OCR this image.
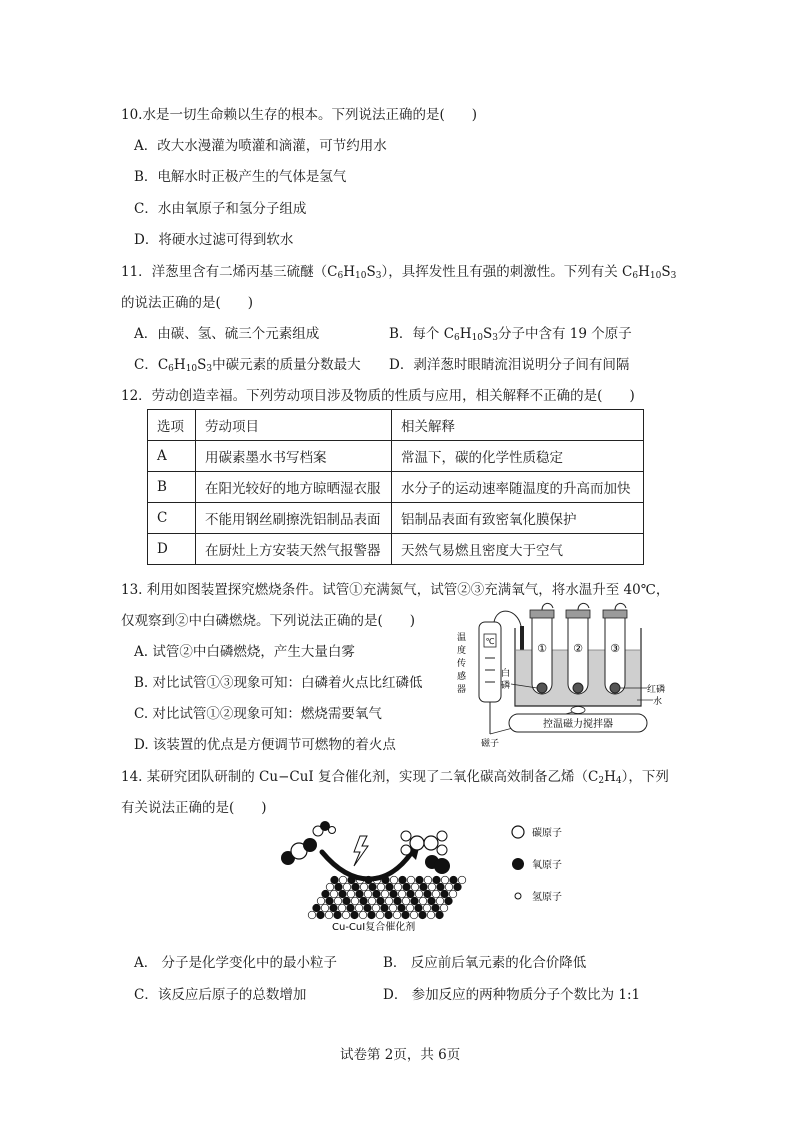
10.水是一切生命赖以生存的根本。下列说法正确的是(　　)
A．改大水漫灌为喷灌和滴灌，可节约用水
B．电解水时正极产生的气体是氢气
C．水由氧原子和氢分子组成
D．将硬水过滤可得到软水
11．洋葱里含有二烯丙基三硫醚$(C_6H_{10}S_3)$，具挥发性且有强的刺激性。下列有关 $C_6H_{10}S_3$
的说法正确的是(　　)
A．由碳、氢、硫三个元素组成	B．每个 $C_6H_{10}S_3$分子中含有 19 个原子
C．$C_6H_{10}S_3$中碳元素的质量分数最大 D．剥洋葱时眼睛流泪说明分子间有间隔
12．劳动创造幸福。下列劳动项目涉及物质的性质与应用，相关解释不正确的是(　　)
选项	劳动项目	相关解释
A	用碳素墨水书写档案	常温下，碳的化学性质稳定
B	在阳光较好的地方晾晒湿衣服	水分子的运动速率随温度的升高而加快
C	不能用钢丝刷擦洗铝制品表面	铝制品表面有致密氧化膜保护
D	在厨灶上方安装天然气报警器	天然气易燃且密度大于空气
13. 利用如图装置探究燃烧条件。试管①充满氮气，试管②③充满氧气，将水温升至 40℃，
仅观察到②中白磷燃烧。下列说法正确的是(　　)
A. 试管②中白磷燃烧，产生大量白雾
B. 对比试管①③现象可知：白磷着火点比红磷低
C. 对比试管①②现象可知：燃烧需要氧气
D. 该装置的优点是方便调节可燃物的着火点
℃
温
度
传
感
器
① ② ③
白
磷	红磷
水
磁子
控温磁力搅拌器
14. 某研究团队研制的 Cu−CuI 复合催化剂，实现了二氧化碳高效制备乙烯$(C_2H_4)$，下列
有关说法正确的是(　　)
Cu-CuI复合催化剂
碳原子
氧原子
氢原子
A． 分子是化学变化中的最小粒子	B． 反应前后氧元素的化合价降低
C．该反应后原子的总数增加	D． 参加反应的两种物质分子个数比为 1:1
试卷第 2页，共 6页
